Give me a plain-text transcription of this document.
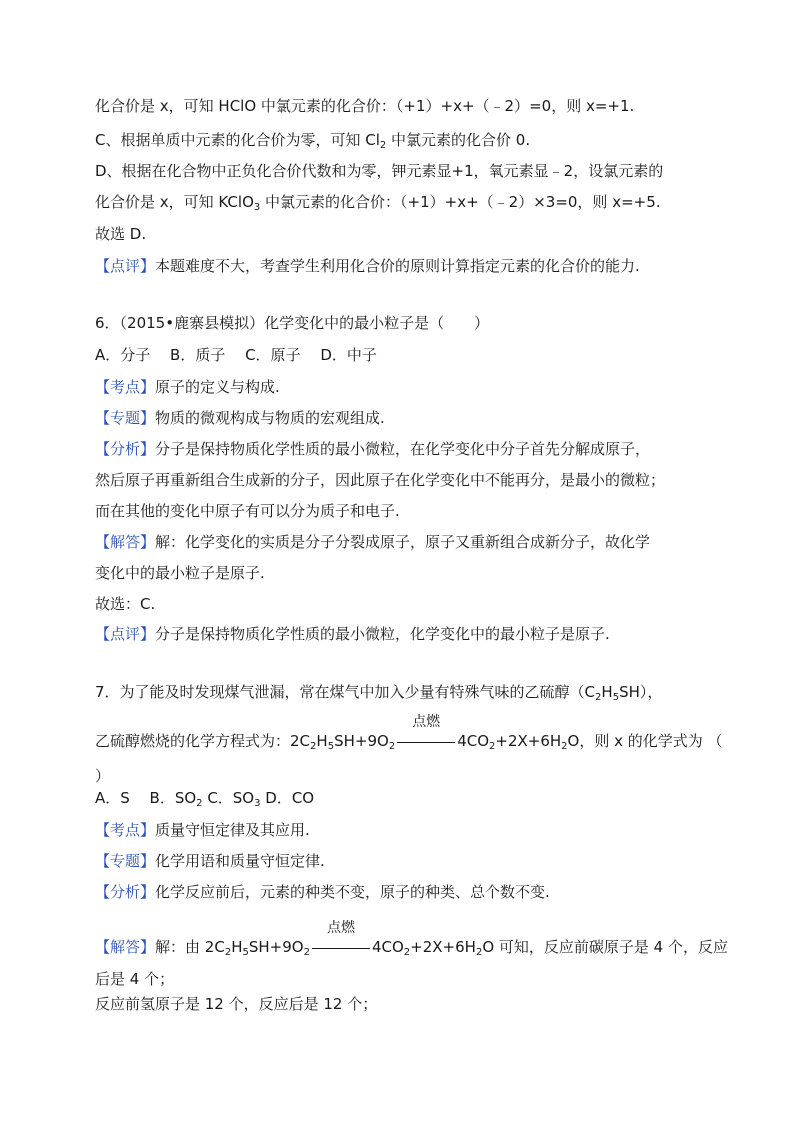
化合价是 x，可知 HClO 中氯元素的化合价：（+1）+x+（﹣2）=0，则 x=+1.
C、根据单质中元素的化合价为零，可知 $Cl_2$ 中氯元素的化合价 0.
D、根据在化合物中正负化合价代数和为零，钾元素显+1，氧元素显﹣2，设氯元素的
化合价是 x，可知 KClO$_3$ 中氯元素的化合价：（+1）+x+（﹣2）×3=0，则 x=+5.
故选 D.
【点评】本题难度不大，考查学生利用化合价的原则计算指定元素的化合价的能力.
6．（2015•鹿寨县模拟）化学变化中的最小粒子是（　　）
A．分子　 B．质子　 C．原子　 D．中子
【考点】原子的定义与构成.
【专题】物质的微观构成与物质的宏观组成.
【分析】分子是保持物质化学性质的最小微粒，在化学变化中分子首先分解成原子，
然后原子再重新组合生成新的分子，因此原子在化学变化中不能再分，是最小的微粒；
而在其他的变化中原子有可以分为质子和电子.
【解答】解：化学变化的实质是分子分裂成原子，原子又重新组合成新分子，故化学
变化中的最小粒子是原子.
故选：C.
【点评】分子是保持物质化学性质的最小微粒，化学变化中的最小粒子是原子.
7．为了能及时发现煤气泄漏，常在煤气中加入少量有特殊气味的乙硫醇$(C_2H_5SH)$，
乙硫醇燃烧的化学方程式为：$2C_2H_5SH+9O_2$
点燃
$4CO_2+2X+6H_2O$，则 x 的化学式为 （
）
A．S　 B．$SO_2$ C．$SO_3$ D．CO
【考点】质量守恒定律及其应用.
【专题】化学用语和质量守恒定律.
【分析】化学反应前后，元素的种类不变，原子的种类、总个数不变.
【解答】解：由 $2C_2H_5SH+9O_2$
点燃
$4CO_2+2X+6H_2O$ 可知，反应前碳原子是 4 个，反应
后是 4 个；
反应前氢原子是 12 个，反应后是 12 个；
